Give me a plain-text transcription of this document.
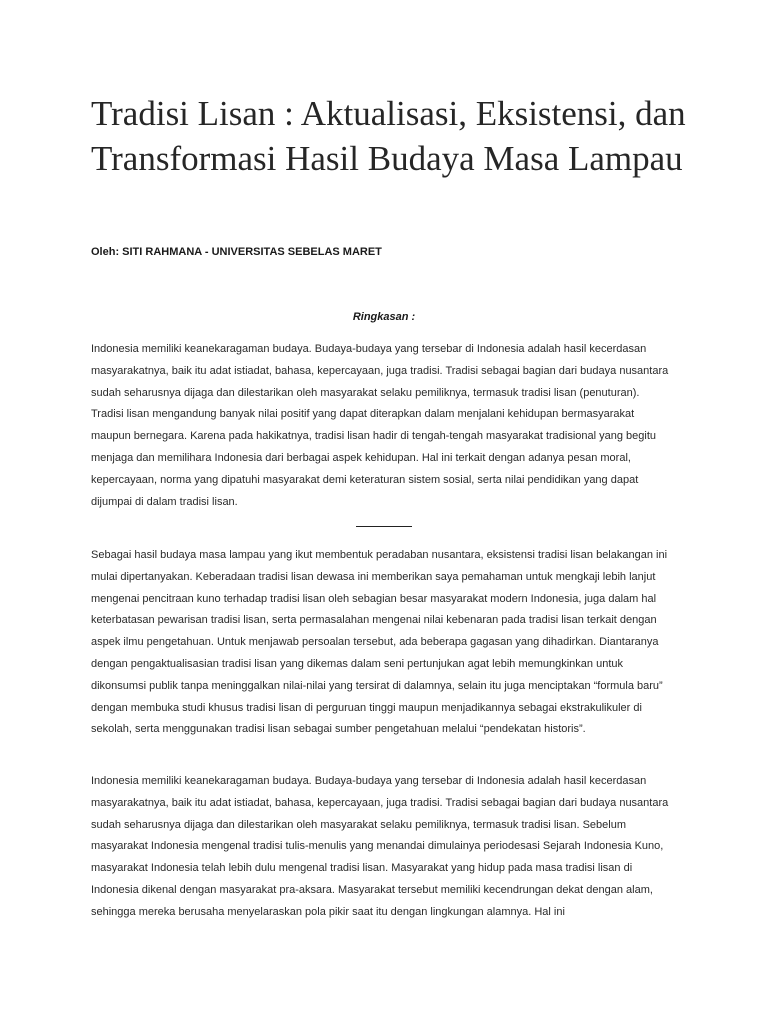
Tradisi Lisan : Aktualisasi, Eksistensi, dan Transformasi Hasil Budaya Masa Lampau

Oleh: SITI RAHMANA - UNIVERSITAS SEBELAS MARET

Ringkasan :

Indonesia memiliki keanekaragaman budaya. Budaya-budaya yang tersebar di Indonesia adalah hasil kecerdasan masyarakatnya, baik itu adat istiadat, bahasa, kepercayaan, juga tradisi. Tradisi sebagai bagian dari budaya nusantara sudah seharusnya dijaga dan dilestarikan oleh masyarakat selaku pemiliknya, termasuk tradisi lisan (penuturan). Tradisi lisan mengandung banyak nilai positif yang dapat diterapkan dalam menjalani kehidupan bermasyarakat maupun bernegara. Karena pada hakikatnya, tradisi lisan hadir di tengah-tengah masyarakat tradisional yang begitu menjaga dan memilihara Indonesia dari berbagai aspek kehidupan. Hal ini terkait dengan adanya pesan moral, kepercayaan, norma yang dipatuhi masyarakat demi keteraturan sistem sosial, serta nilai pendidikan yang dapat dijumpai di dalam tradisi lisan.

Sebagai hasil budaya masa lampau yang ikut membentuk peradaban nusantara, eksistensi tradisi lisan belakangan ini mulai dipertanyakan. Keberadaan tradisi lisan dewasa ini memberikan saya pemahaman untuk mengkaji lebih lanjut mengenai pencitraan kuno terhadap tradisi lisan oleh sebagian besar masyarakat modern Indonesia, juga dalam hal keterbatasan pewarisan tradisi lisan, serta permasalahan mengenai nilai kebenaran pada tradisi lisan terkait dengan aspek ilmu pengetahuan. Untuk menjawab persoalan tersebut, ada beberapa gagasan yang dihadirkan. Diantaranya dengan pengaktualisasian tradisi lisan yang dikemas dalam seni pertunjukan agat lebih memungkinkan untuk dikonsumsi publik tanpa meninggalkan nilai-nilai yang tersirat di dalamnya, selain itu juga menciptakan “formula baru” dengan membuka studi khusus tradisi lisan di perguruan tinggi maupun menjadikannya sebagai ekstrakulikuler di sekolah, serta menggunakan tradisi lisan sebagai sumber pengetahuan melalui “pendekatan historis”.

Indonesia memiliki keanekaragaman budaya. Budaya-budaya yang tersebar di Indonesia adalah hasil kecerdasan masyarakatnya, baik itu adat istiadat, bahasa, kepercayaan, juga tradisi. Tradisi sebagai bagian dari budaya nusantara sudah seharusnya dijaga dan dilestarikan oleh masyarakat selaku pemiliknya, termasuk tradisi lisan. Sebelum masyarakat Indonesia mengenal tradisi tulis-menulis yang menandai dimulainya periodesasi Sejarah Indonesia Kuno, masyarakat Indonesia telah lebih dulu mengenal tradisi lisan. Masyarakat yang hidup pada masa tradisi lisan di Indonesia dikenal dengan masyarakat pra-aksara. Masyarakat tersebut memiliki kecendrungan dekat dengan alam, sehingga mereka berusaha menyelaraskan pola pikir saat itu dengan lingkungan alamnya. Hal ini
